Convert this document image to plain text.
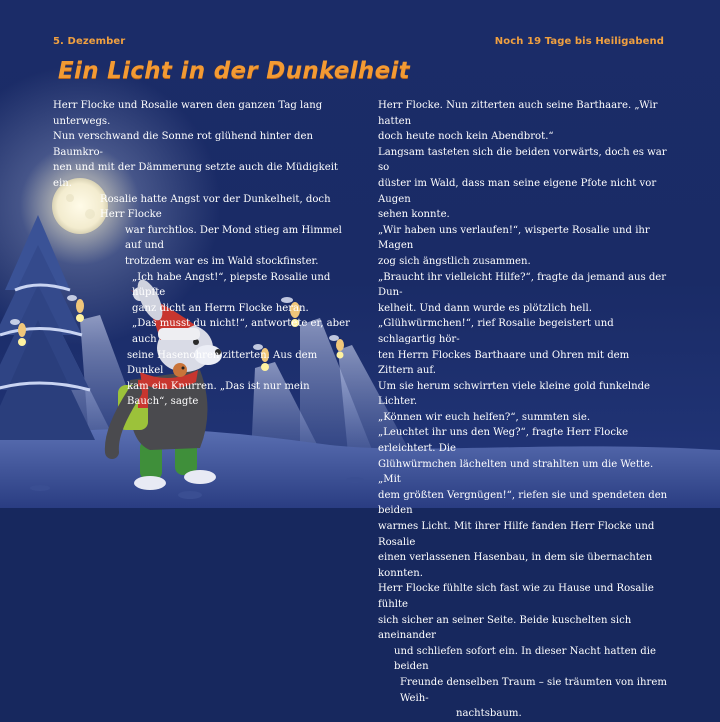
5. Dezember	Noch 19 Tage bis Heiligabend
Ein Licht in der Dunkelheit

Herr Flocke und Rosalie waren den ganzen Tag lang unterwegs.

Nun verschwand die Sonne rot glühend hinter den Baumkro-

nen und mit der Dämmerung setzte auch die Müdigkeit ein.

Rosalie hatte Angst vor der Dunkelheit, doch Herr Flocke

war furchtlos. Der Mond stieg am Himmel auf und

trotzdem war es im Wald stockfinster.

„Ich habe Angst!“, piepste Rosalie und hüpfte

ganz dicht an Herrn Flocke heran.

„Das musst du nicht!“, antwortete er, aber auch

seine Hasenohren zitterten. Aus dem Dunkel

kam ein Knurren. „Das ist nur mein Bauch“, sagte

Herr Flocke. Nun zitterten auch seine Barthaare. „Wir hatten

doch heute noch kein Abendbrot.“

Langsam tasteten sich die beiden vorwärts, doch es war so

düster im Wald, dass man seine eigene Pfote nicht vor Augen

sehen konnte.

„Wir haben uns verlaufen!“, wisperte Rosalie und ihr Magen

zog sich ängstlich zusammen.

„Braucht ihr vielleicht Hilfe?“, fragte da jemand aus der Dun-

kelheit. Und dann wurde es plötzlich hell.

„Glühwürmchen!“, rief Rosalie begeistert und schlagartig hör-

ten Herrn Flockes Barthaare und Ohren mit dem Zittern auf.

Um sie herum schwirrten viele kleine gold funkelnde Lichter.

„Können wir euch helfen?“, summten sie.

„Leuchtet ihr uns den Weg?“, fragte Herr Flocke erleichtert. Die

Glühwürmchen lächelten und strahlten um die Wette. „Mit

dem größten Vergnügen!“, riefen sie und spendeten den beiden

warmes Licht. Mit ihrer Hilfe fanden Herr Flocke und Rosalie

einen verlassenen Hasenbau, in dem sie übernachten konnten.

Herr Flocke fühlte sich fast wie zu Hause und Rosalie fühlte

sich sicher an seiner Seite. Beide kuschelten sich aneinander

und schliefen sofort ein. In dieser Nacht hatten die beiden

Freunde denselben Traum – sie träumten von ihrem Weih-

nachtsbaum.
